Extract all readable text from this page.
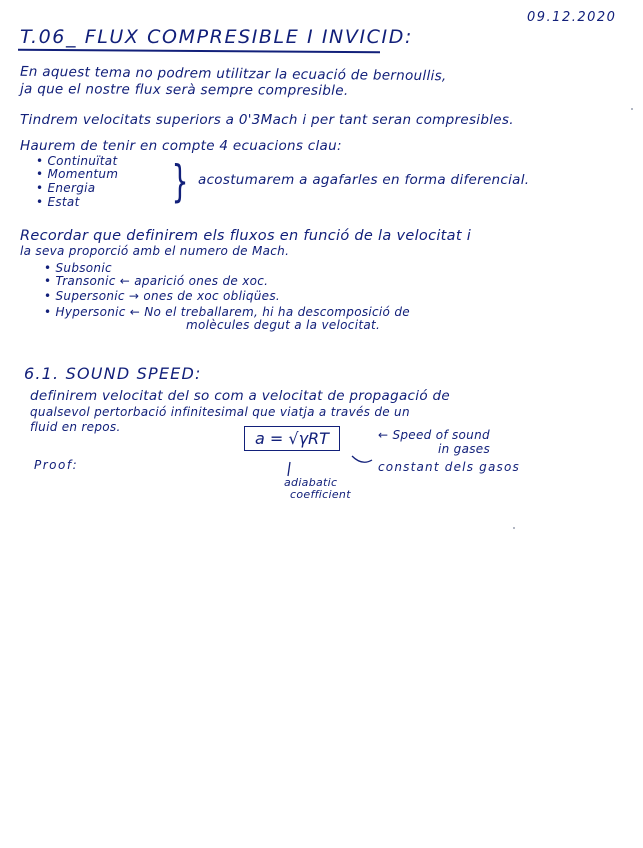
09.12.2020
T.06_ FLUX COMPRESIBLE I INVICID:
En aquest tema no podrem utilitzar la ecuació de bernoullis,
ja que el nostre flux serà sempre compresible.
Tindrem velocitats superiors a 0'3Mach i per tant seran compresibles.
Haurem de tenir en compte 4 ecuacions clau:
• Continuïtat
• Momentum
• Energia
• Estat } acostumarem a agafarles en forma diferencial.
Recordar que definirem els fluxos en funció de la velocitat i
la seva proporció amb el numero de Mach.
• Subsonic
• Transonic ← aparició ones de xoc.
• Supersonic → ones de xoc obliqües.
• Hypersonic ← No el treballarem, hi ha descomposició de
molècules degut a la velocitat.
6.1. SOUND SPEED:
definirem velocitat del so com a velocitat de propagació de
qualsevol pertorbació infinitesimal que viatja a través de un
fluid en repos.
a = √γRT	← Speed of sound
in gases
constant dels gasos
Proof:
adiabatic
coefficient
